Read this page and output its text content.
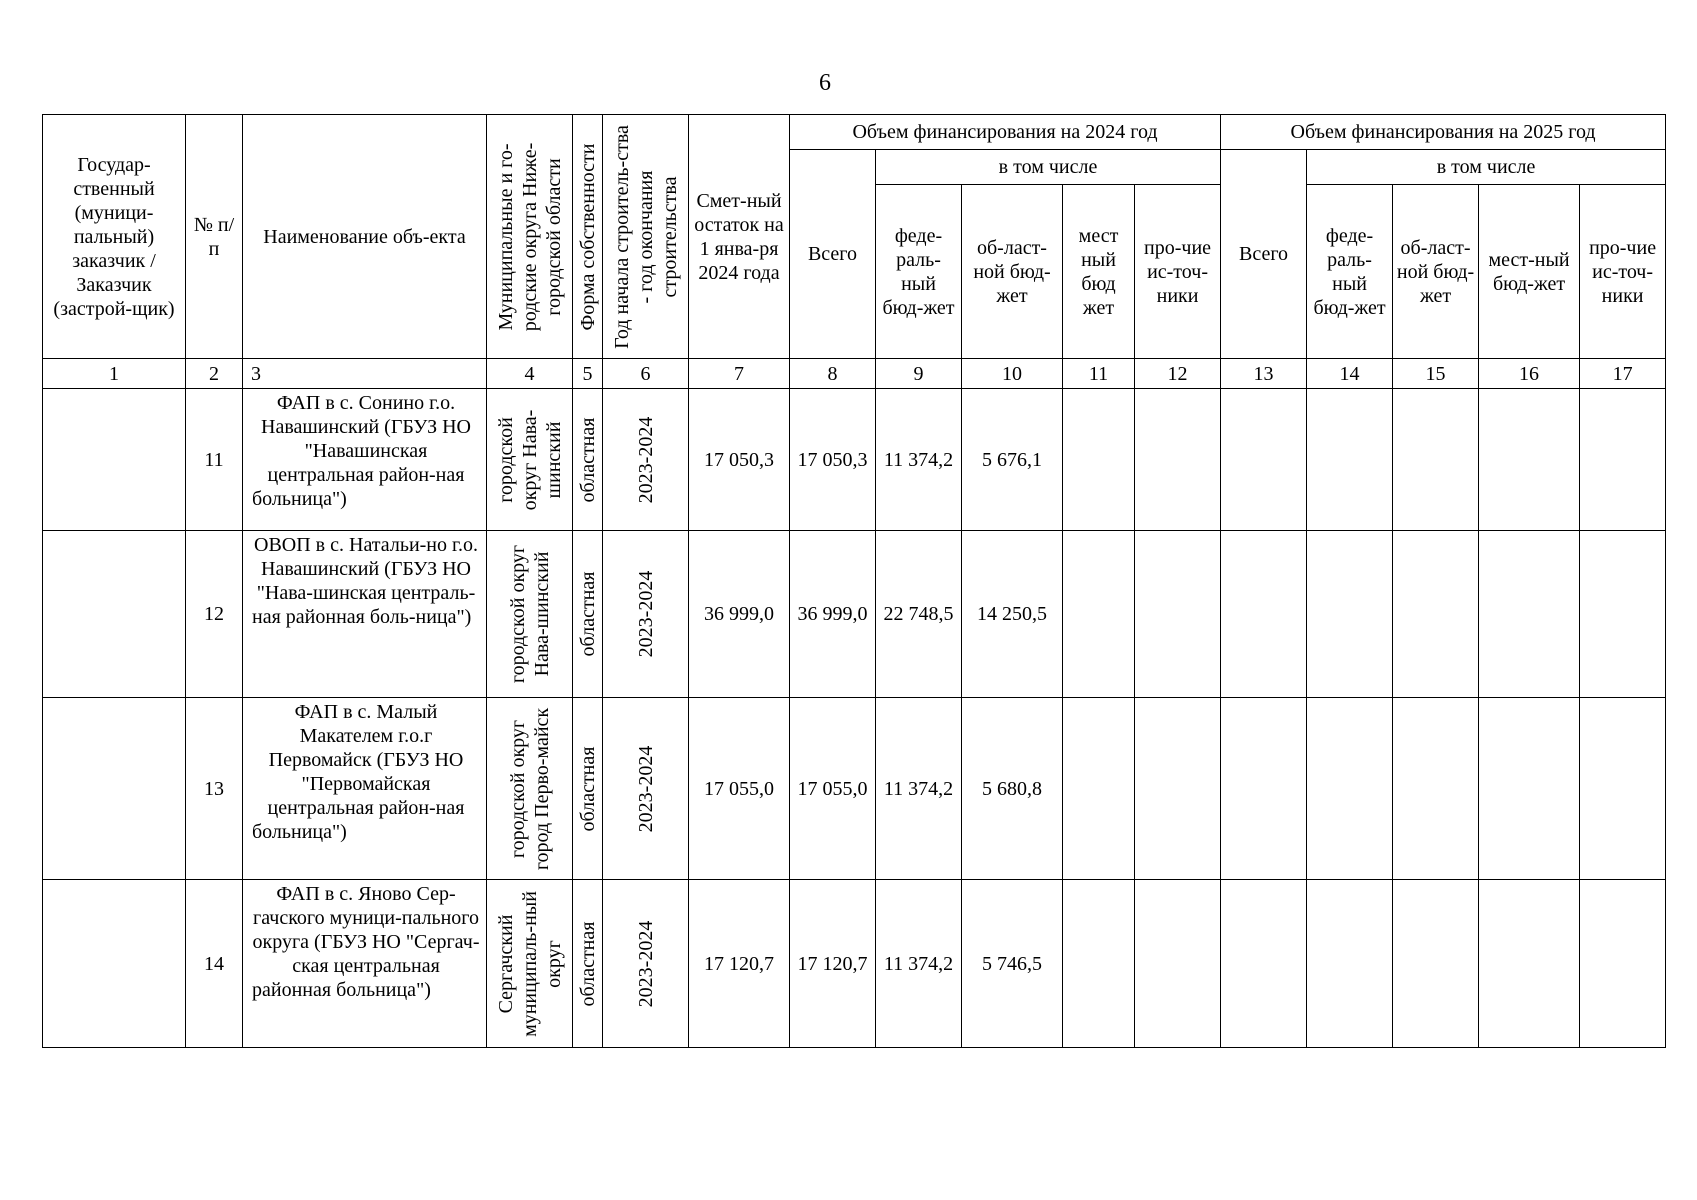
6
Государ-ственный (муници-пальный) заказчик / Заказчик (застрой-щик)	№ п/п	Наименование объ-екта	Муниципальные и го-родские округа Ниже-городской области	Форма собственности	Год начала строитель-ства - год окончания строительства	Смет-ный остаток на 1 янва-ря 2024 года	Объем финансирования на 2024 год					Объем финансирования на 2025 год				
							Всего	в том числе				Всего	в том числе			
								феде-раль-ный бюд-жет	об-ласт-ной бюд-жет	мест ный бюд жет	про-чие ис-точ-ники		феде-раль-ный бюд-жет	об-ласт-ной бюд-жет	мест-ный бюд-жет	про-чие ис-точ-ники
1	2	3	4	5	6	7	8	9	10	11	12	13	14	15	16	17
	11	ФАП в с. Сонино г.о. Навашинский (ГБУЗ НО "Навашинская центральная район-ная больница")	городской округ Нава-шинский	областная	2023-2024	17 050,3	17 050,3	11 374,2	5 676,1							
	12	ОВОП в с. Натальи-но г.о. Навашинский (ГБУЗ НО "Нава-шинская централь-ная районная боль-ница")	городской округ Нава-шинский	областная	2023-2024	36 999,0	36 999,0	22 748,5	14 250,5							
	13	ФАП в с. Малый Макателем г.о.г Первомайск (ГБУЗ НО "Первомайская центральная район-ная больница")	городской округ город Перво-майск	областная	2023-2024	17 055,0	17 055,0	11 374,2	5 680,8							
	14	ФАП в с. Яново Сер-гачского муници-пального округа (ГБУЗ НО "Сергач-ская центральная районная больница")	Сергачский муниципаль-ный округ	областная	2023-2024	17 120,7	17 120,7	11 374,2	5 746,5							
